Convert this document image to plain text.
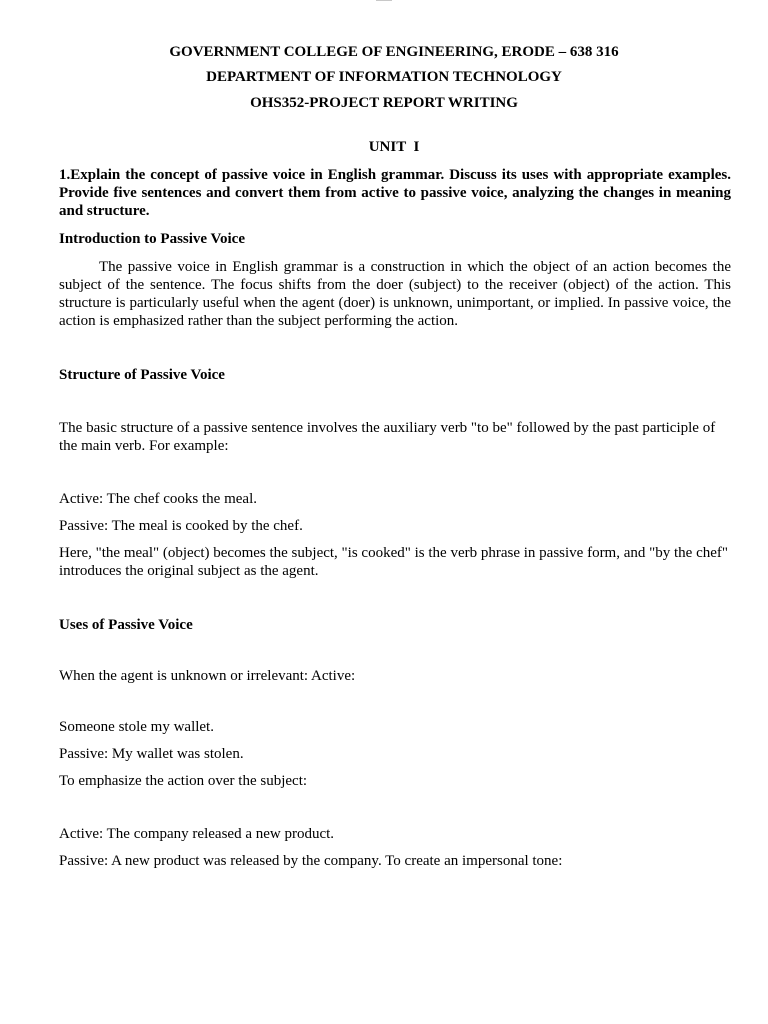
GOVERNMENT COLLEGE OF ENGINEERING, ERODE – 638 316
DEPARTMENT OF INFORMATION TECHNOLOGY
OHS352-PROJECT REPORT WRITING
UNIT  I
1.Explain the concept of passive voice in English grammar. Discuss its uses with appropriate examples. Provide five sentences and convert them from active to passive voice, analyzing the changes in meaning and structure.
Introduction to Passive Voice
The passive voice in English grammar is a construction in which the object of an action becomes the subject of the sentence. The focus shifts from the doer (subject) to the receiver (object) of the action. This structure is particularly useful when the agent (doer) is unknown, unimportant, or implied. In passive voice, the action is emphasized rather than the subject performing the action.
Structure of Passive Voice
The basic structure of a passive sentence involves the auxiliary verb "to be" followed by the past participle of the main verb. For example:
Active: The chef cooks the meal.
Passive: The meal is cooked by the chef.
Here, "the meal" (object) becomes the subject, "is cooked" is the verb phrase in passive form, and "by the chef" introduces the original subject as the agent.
Uses of Passive Voice
When the agent is unknown or irrelevant: Active:
Someone stole my wallet.
Passive: My wallet was stolen.
To emphasize the action over the subject:
Active: The company released a new product.
Passive: A new product was released by the company. To create an impersonal tone:
